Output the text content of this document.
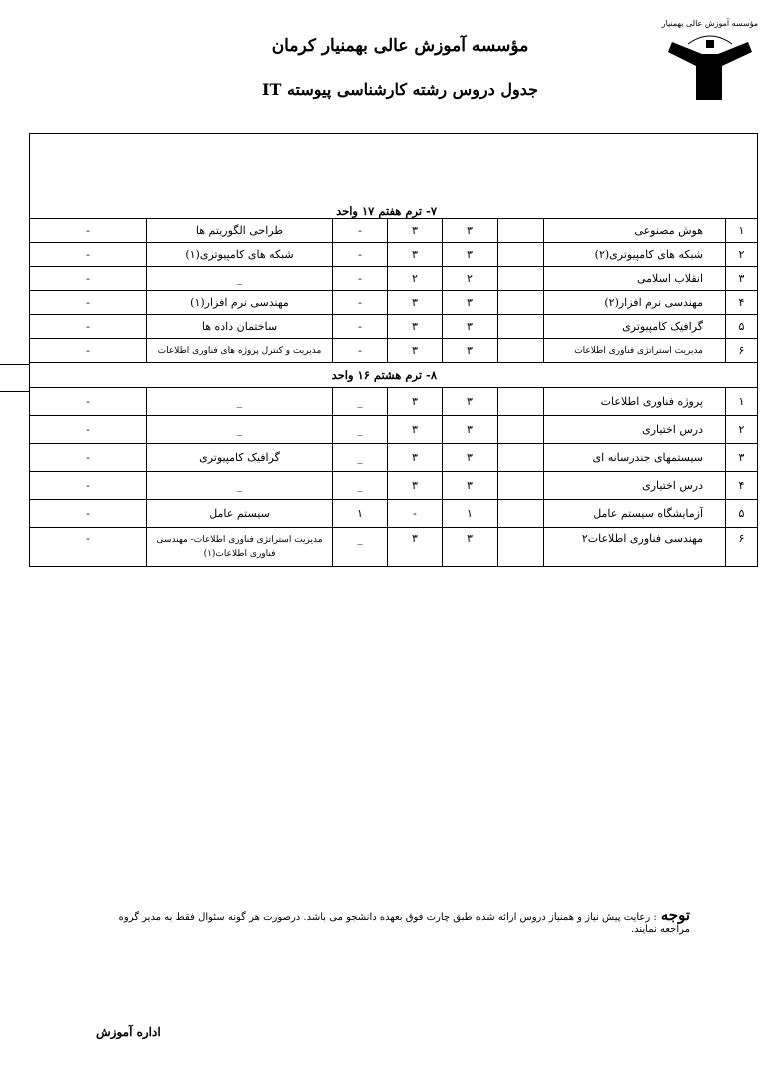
مؤسسه آموزش عالی بهمنیار
مؤسسه آموزش عالی بهمنیار کرمان
جدول دروس رشته کارشناسی پیوسته IT

۷- ترم هفتم ۱۷ واحد							
۱	هوش مصنوعی		۳	۳	-	طراحی الگوریتم ها	-
۲	شبکه های کامپیوتری(۲)		۳	۳	-	شبکه های کامپیوتری(۱)	-
۳	انقلاب اسلامی		۲	۲	-	_	-
۴	مهندسی نرم افزار(۲)		۳	۳	-	مهندسی نرم افزار(۱)	-
۵	گرافیک کامپیوتری		۳	۳	-	ساختمان داده ها	-
۶	مدیریت استراتژی فناوری اطلاعات		۳	۳	-	مدیریت و کنترل پروژه های فناوری اطلاعات	-
۸- ترم هشتم ۱۶ واحد							
۱	پروژه فناوری اطلاعات		۳	۳	_	_	-
۲	درس اختیاری		۳	۳	_	_	-
۳	سیستمهای جندرسانه ای		۳	۳	_	گرافیک کامپیوتری	-
۴	درس اختیاری		۳	۳	_	_	-
۵	آزمایشگاه سیستم عامل		۱	-	۱	سیستم عامل	-
۶	مهندسی فناوری اطلاعات۲		۳	۳	_	مدیریت استراتژی فناوری اطلاعات- مهندسی فناوری اطلاعات(۱)	-
توجه: رعایت پیش نیاز و همنیاز دروس ارائه شده طبق چارت فوق بعهده دانشجو می باشد. درصورت هر گونه سئوال فقط به مدیر گروه مراجعه نمایند.
اداره آموزش
